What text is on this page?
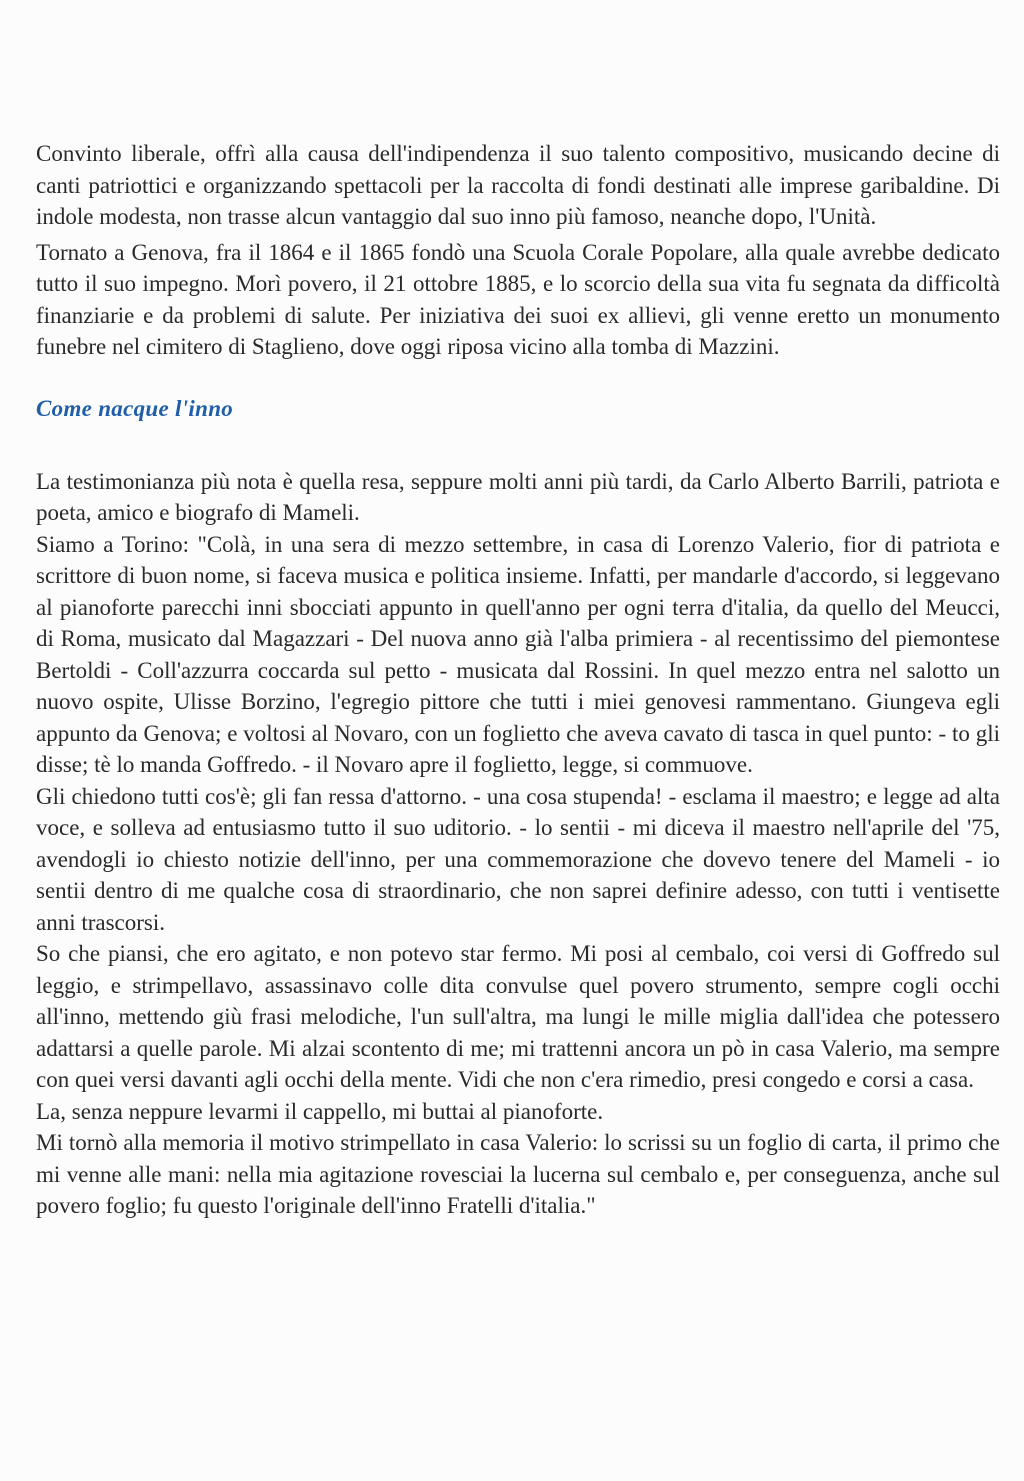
Convinto liberale, offrì alla causa dell'indipendenza il suo talento compositivo, musicando decine di canti patriottici e organizzando spettacoli per la raccolta di fondi destinati alle imprese garibaldine. Di indole modesta, non trasse alcun vantaggio dal suo inno più famoso, neanche dopo, l'Unità.

Tornato a Genova, fra il 1864 e il 1865 fondò una Scuola Corale Popolare, alla quale avrebbe dedicato tutto il suo impegno. Morì povero, il 21 ottobre 1885, e lo scorcio della sua vita fu segnata da difficoltà finanziarie e da problemi di salute. Per iniziativa dei suoi ex allievi, gli venne eretto un monumento funebre nel cimitero di Staglieno, dove oggi riposa vicino alla tomba di Mazzini.

Come nacque l'inno

La testimonianza più nota è quella resa, seppure molti anni più tardi, da Carlo Alberto Barrili, patriota e poeta, amico e biografo di Mameli.

Siamo a Torino: "Colà, in una sera di mezzo settembre, in casa di Lorenzo Valerio, fior di patriota e scrittore di buon nome, si faceva musica e politica insieme. Infatti, per mandarle d'accordo, si leggevano al pianoforte parecchi inni sbocciati appunto in quell'anno per ogni terra d'italia, da quello del Meucci, di Roma, musicato dal Magazzari - Del nuova anno già l'alba primiera - al recentissimo del piemontese Bertoldi - Coll'azzurra coccarda sul petto - musicata dal Rossini. In quel mezzo entra nel salotto un nuovo ospite, Ulisse Borzino, l'egregio pittore che tutti i miei genovesi rammentano. Giungeva egli appunto da Genova; e voltosi al Novaro, con un foglietto che aveva cavato di tasca in quel punto: - to gli disse; tè lo manda Goffredo. - il Novaro apre il foglietto, legge, si commuove.

Gli chiedono tutti cos'è; gli fan ressa d'attorno. - una cosa stupenda! - esclama il maestro; e legge ad alta voce, e solleva ad entusiasmo tutto il suo uditorio. - lo sentii - mi diceva il maestro nell'aprile del '75, avendogli io chiesto notizie dell'inno, per una commemorazione che dovevo tenere del Mameli - io sentii dentro di me qualche cosa di straordinario, che non saprei definire adesso, con tutti i ventisette anni trascorsi.

So che piansi, che ero agitato, e non potevo star fermo. Mi posi al cembalo, coi versi di Goffredo sul leggio, e strimpellavo, assassinavo colle dita convulse quel povero strumento, sempre cogli occhi all'inno, mettendo giù frasi melodiche, l'un sull'altra, ma lungi le mille miglia dall'idea che potessero adattarsi a quelle parole. Mi alzai scontento di me; mi trattenni ancora un pò in casa Valerio, ma sempre con quei versi davanti agli occhi della mente. Vidi che non c'era rimedio, presi congedo e corsi a casa.

La, senza neppure levarmi il cappello, mi buttai al pianoforte.

Mi tornò alla memoria il motivo strimpellato in casa Valerio: lo scrissi su un foglio di carta, il primo che mi venne alle mani: nella mia agitazione rovesciai la lucerna sul cembalo e, per conseguenza, anche sul povero foglio; fu questo l'originale dell'inno Fratelli d'italia."
